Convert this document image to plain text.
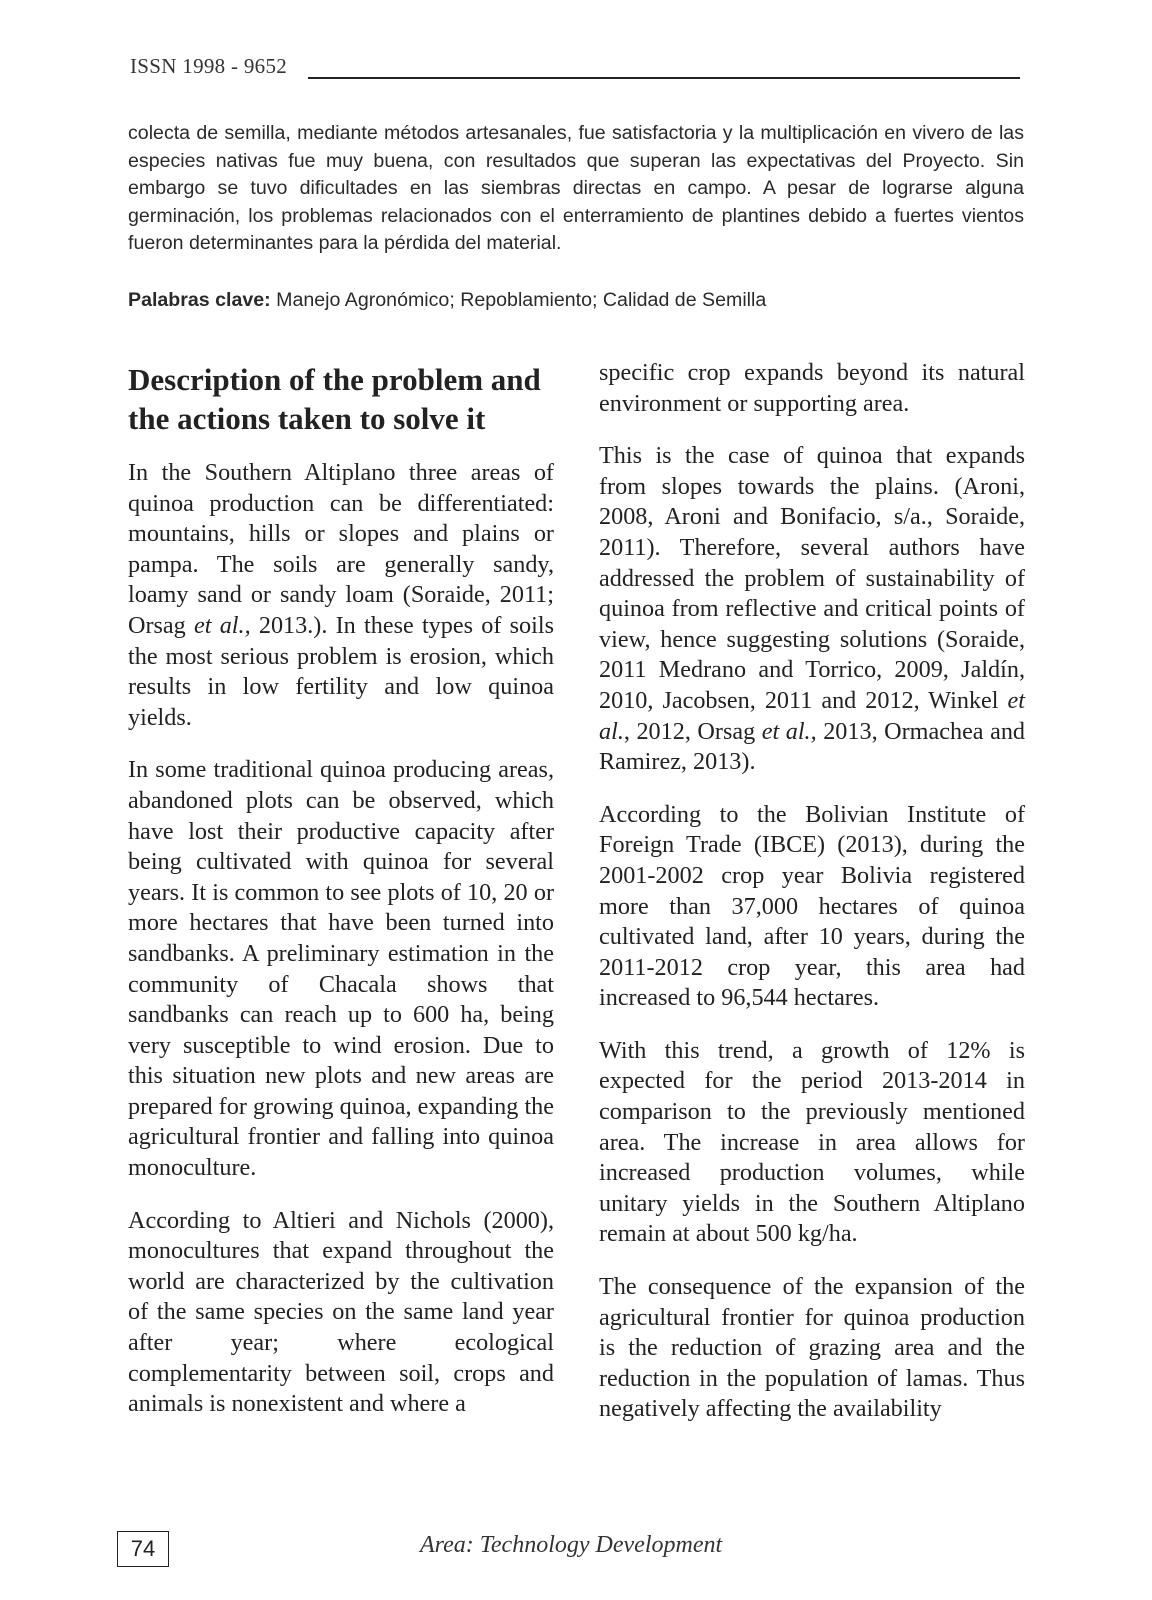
ISSN 1998 - 9652
colecta de semilla, mediante métodos artesanales, fue satisfactoria y la multiplicación en vivero de las especies nativas fue muy buena, con resultados que superan las expectativas del Proyecto. Sin embargo se tuvo dificultades en las siembras directas en campo. A pesar de lograrse alguna germinación, los problemas relacionados con el enterramiento de plantines debido a fuertes vientos fueron determinantes para la pérdida del material.
Palabras clave: Manejo Agronómico; Repoblamiento; Calidad de Semilla
Description of the problem and the actions taken to solve it

In the Southern Altiplano three areas of quinoa production can be differentiated: mountains, hills or slopes and plains or pampa. The soils are generally sandy, loamy sand or sandy loam (Soraide, 2011; Orsag et al., 2013.). In these types of soils the most serious problem is erosion, which results in low fertility and low quinoa yields.

In some traditional quinoa producing areas, abandoned plots can be observed, which have lost their productive capacity after being cultivated with quinoa for several years. It is common to see plots of 10, 20 or more hectares that have been turned into sandbanks. A preliminary estimation in the community of Chacala shows that sandbanks can reach up to 600 ha, being very susceptible to wind erosion. Due to this situation new plots and new areas are prepared for growing quinoa, expanding the agricultural frontier and falling into quinoa monoculture.

According to Altieri and Nichols (2000), monocultures that expand throughout the world are characterized by the cultivation of the same species on the same land year after year; where ecological complementarity between soil, crops and animals is nonexistent and where a

specific crop expands beyond its natural environment or supporting area.

This is the case of quinoa that expands from slopes towards the plains. (Aroni, 2008, Aroni and Bonifacio, s/a., Soraide, 2011). Therefore, several authors have addressed the problem of sustainability of quinoa from reflective and critical points of view, hence suggesting solutions (Soraide, 2011 Medrano and Torrico, 2009, Jaldín, 2010, Jacobsen, 2011 and 2012, Winkel et al., 2012, Orsag et al., 2013, Ormachea and Ramirez, 2013).

According to the Bolivian Institute of Foreign Trade (IBCE) (2013), during the 2001-2002 crop year Bolivia registered more than 37,000 hectares of quinoa cultivated land, after 10 years, during the 2011-2012 crop year, this area had increased to 96,544 hectares.

With this trend, a growth of 12% is expected for the period 2013-2014 in comparison to the previously mentioned area. The increase in area allows for increased production volumes, while unitary yields in the Southern Altiplano remain at about 500 kg/ha.

The consequence of the expansion of the agricultural frontier for quinoa production is the reduction of grazing area and the reduction in the population of lamas. Thus negatively affecting the availability

74	Area: Technology Development
